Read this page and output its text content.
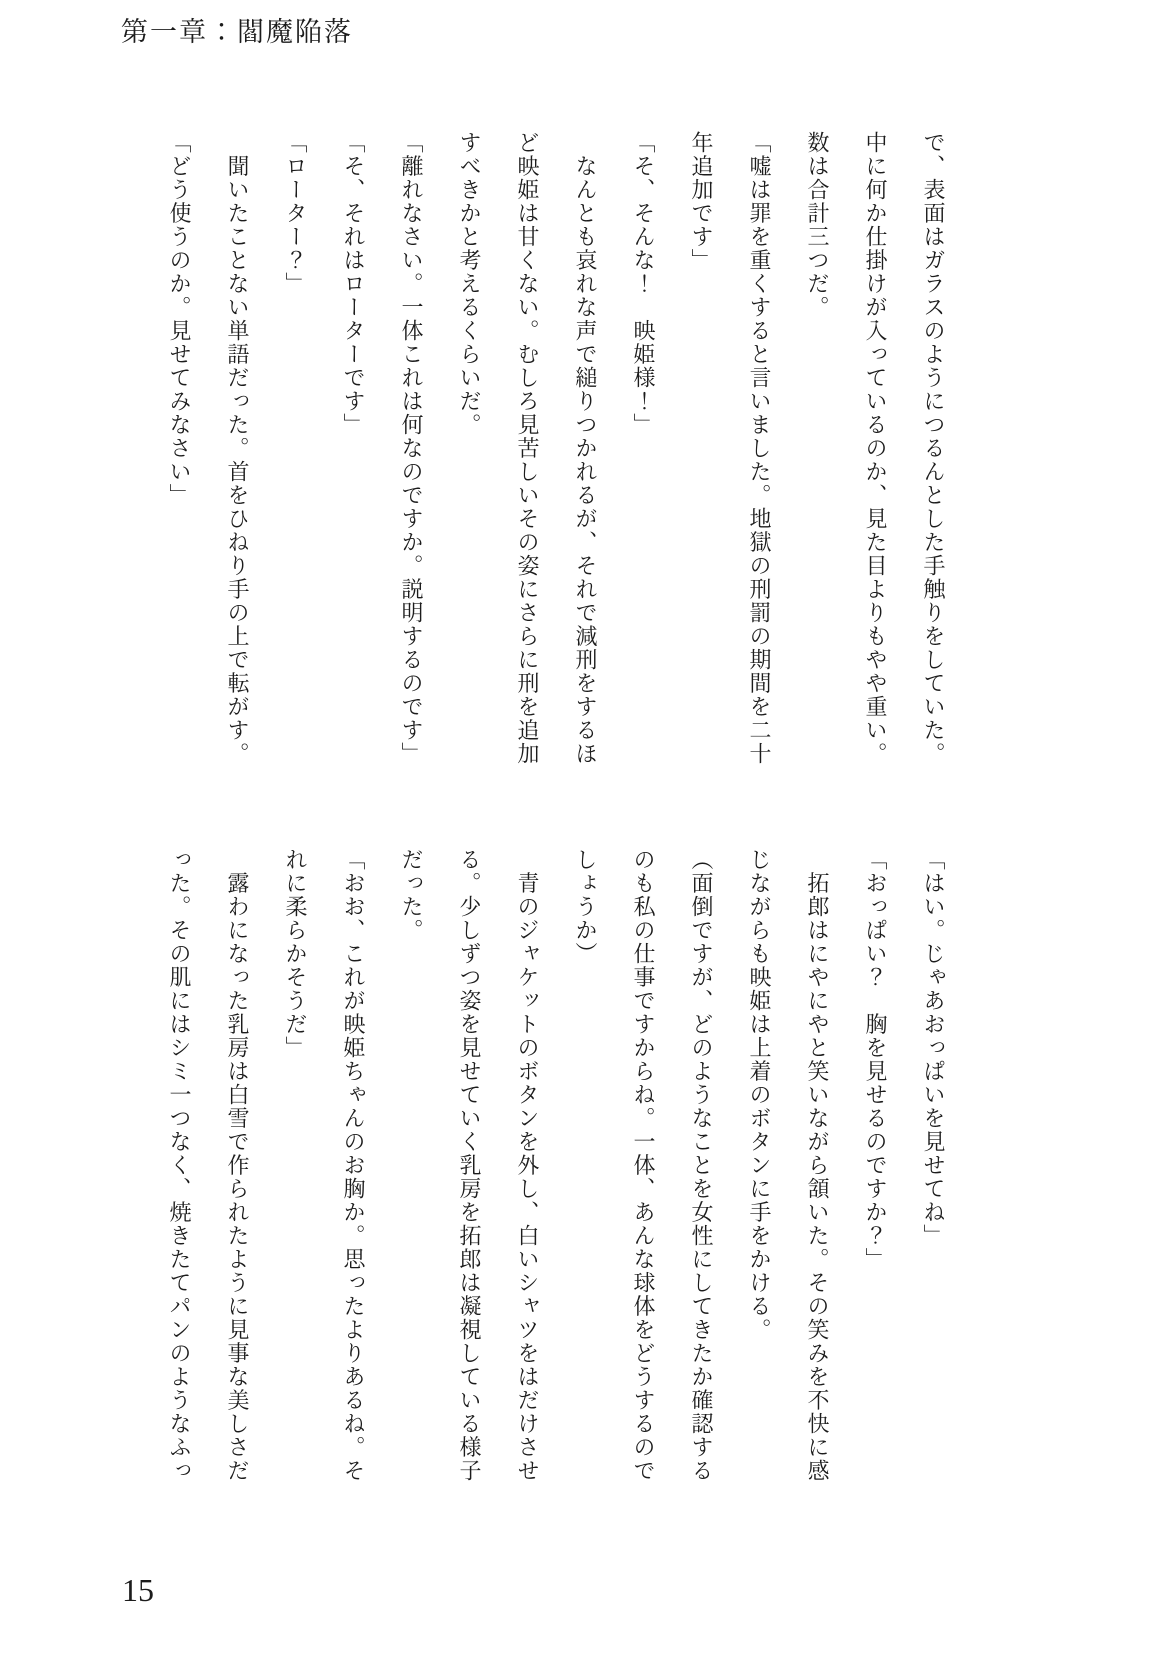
第一章：閻魔陥落

で、表面はガラスのようにつるんとした手触りをしていた。

中に何か仕掛けが入っているのか、見た目よりもやや重い。

数は合計三つだ。

「嘘は罪を重くすると言いました。地獄の刑罰の期間を二十

年追加です」

「そ、そんな！　映姫様！」

　なんとも哀れな声で縋りつかれるが、それで減刑をするほ

ど映姫は甘くない。むしろ見苦しいその姿にさらに刑を追加

すべきかと考えるくらいだ。

「離れなさい。一体これは何なのですか。説明するのです」

「そ、それはローターです」

「ローター？」

　聞いたことない単語だった。首をひねり手の上で転がす。

「どう使うのか。見せてみなさい」

「はい。じゃあおっぱいを見せてね」

「おっぱい？　胸を見せるのですか？」

　拓郎はにやにやと笑いながら頷いた。その笑みを不快に感

じながらも映姫は上着のボタンに手をかける。

（面倒ですが、どのようなことを女性にしてきたか確認する

のも私の仕事ですからね。一体、あんな球体をどうするので

しょうか）

　青のジャケットのボタンを外し、白いシャツをはだけさせ

る。少しずつ姿を見せていく乳房を拓郎は凝視している様子

だった。

「おお、これが映姫ちゃんのお胸か。思ったよりあるね。そ

れに柔らかそうだ」

　露わになった乳房は白雪で作られたように見事な美しさだ

った。その肌にはシミ一つなく、焼きたてパンのようなふっ

15
